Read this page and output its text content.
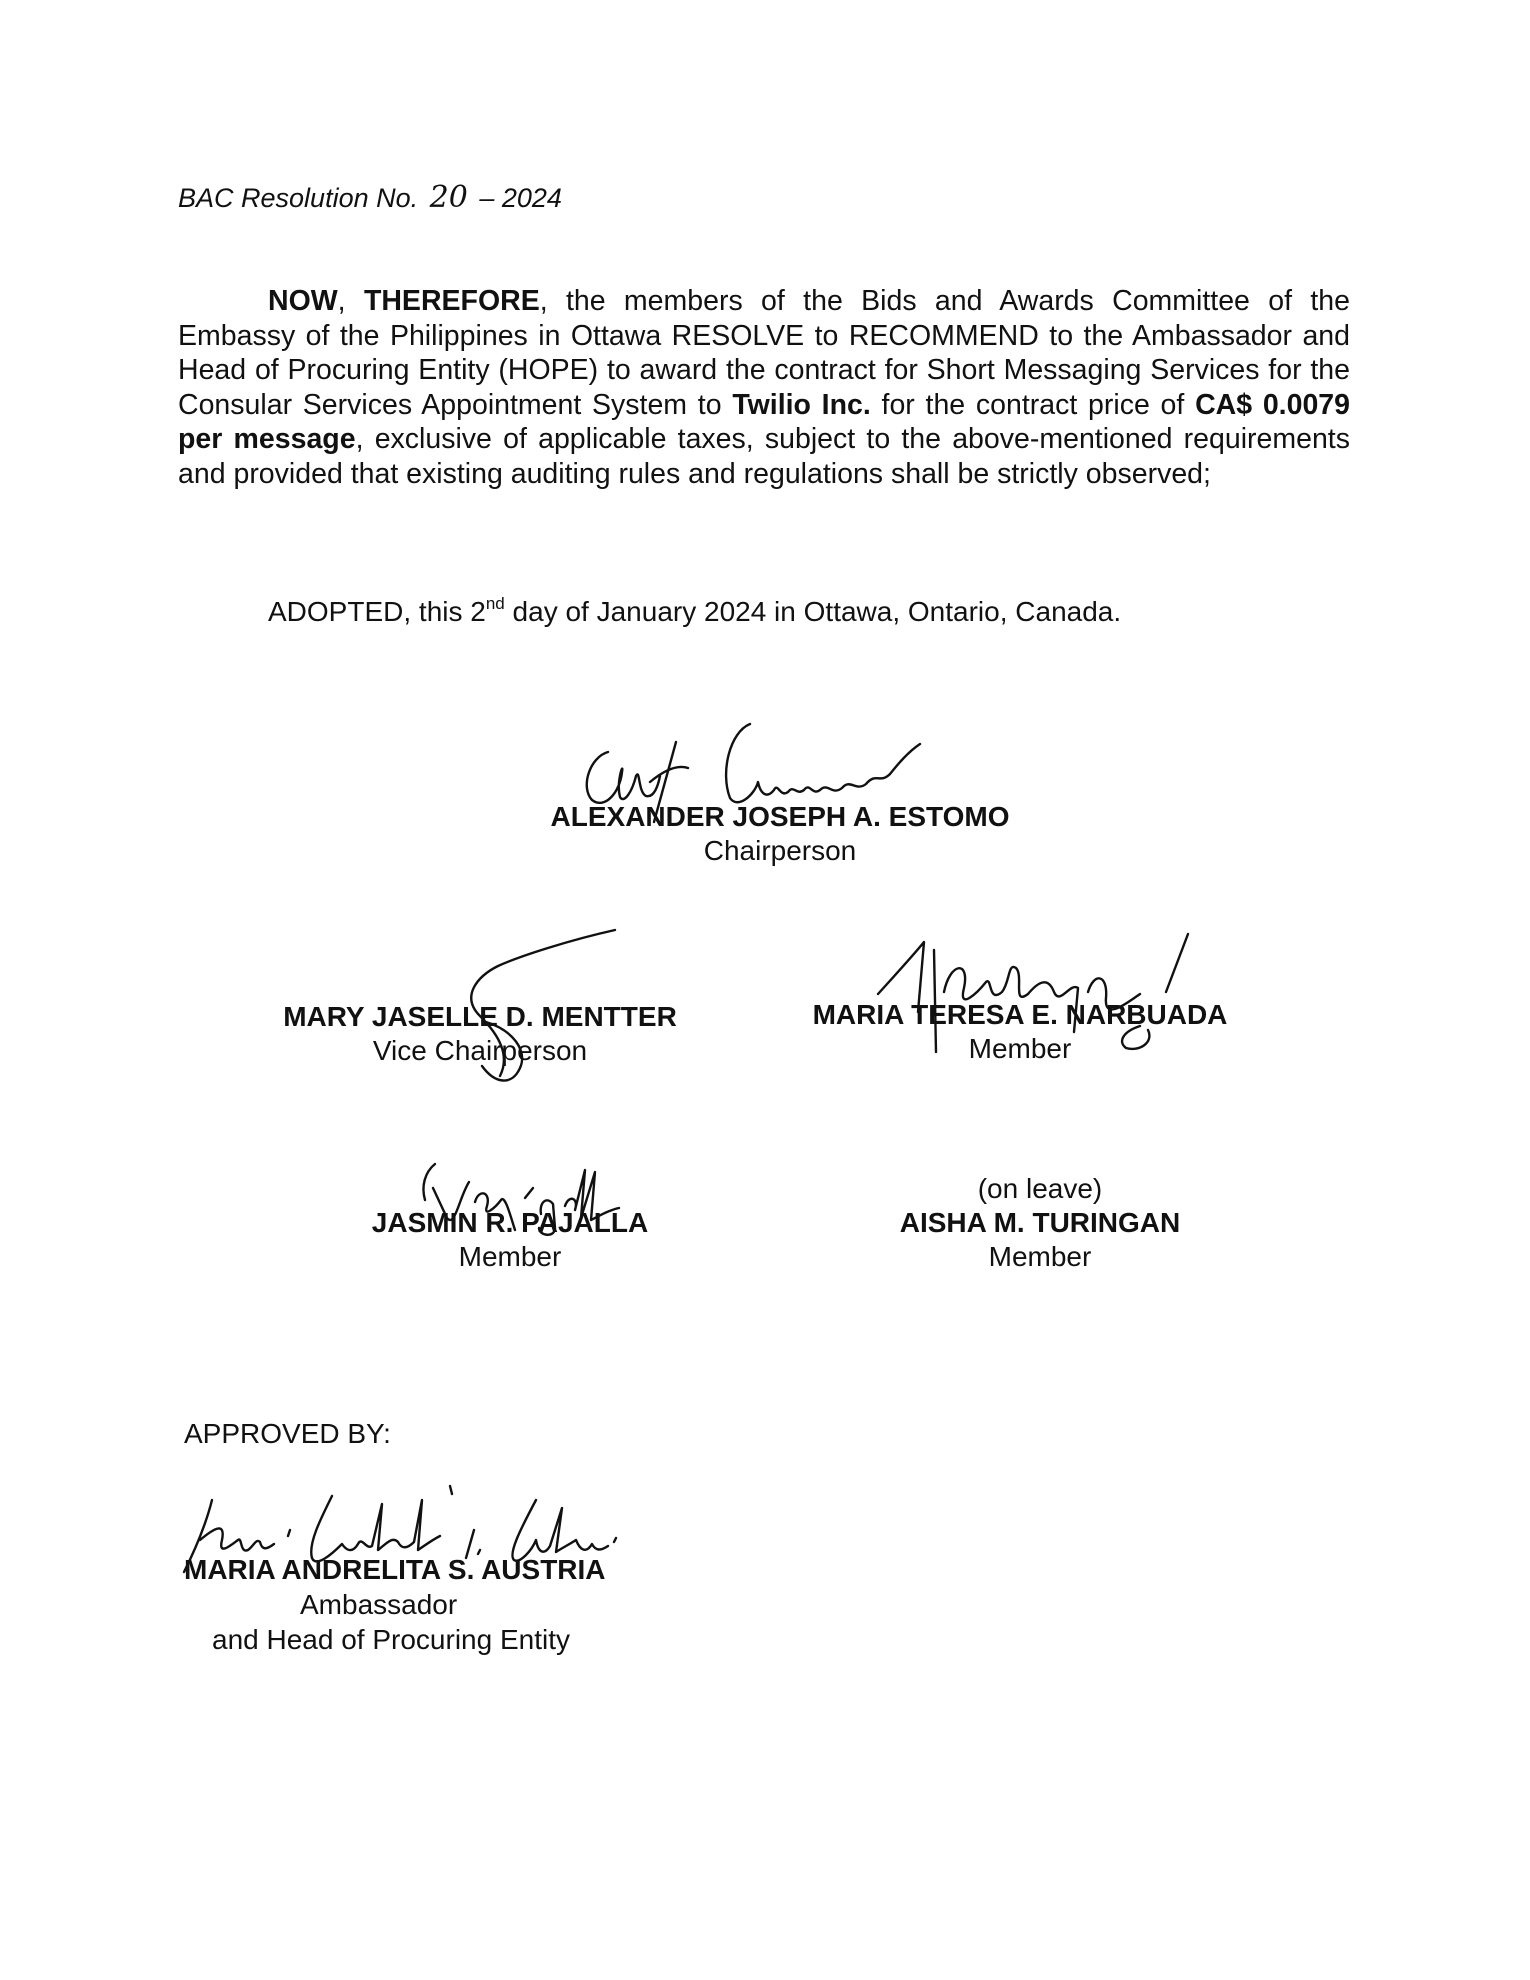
BAC Resolution No. 20 – 2024
NOW, THEREFORE, the members of the Bids and Awards Committee of the Embassy of the Philippines in Ottawa RESOLVE to RECOMMEND to the Ambassador and Head of Procuring Entity (HOPE) to award the contract for Short Messaging Services for the Consular Services Appointment System to Twilio Inc. for the contract price of CA$ 0.0079 per message, exclusive of applicable taxes, subject to the above-mentioned requirements and provided that existing auditing rules and regulations shall be strictly observed;
ADOPTED, this 2nd day of January 2024 in Ottawa, Ontario, Canada.
ALEXANDER JOSEPH A. ESTOMO
Chairperson
MARY JASELLE D. MENTTER
Vice Chairperson
MARIA TERESA E. NARBUADA
Member
JASMIN R. PAJALLA
Member
(on leave)
AISHA M. TURINGAN
Member
APPROVED BY:
MARIA ANDRELITA S. AUSTRIA
Ambassador
and Head of Procuring Entity
